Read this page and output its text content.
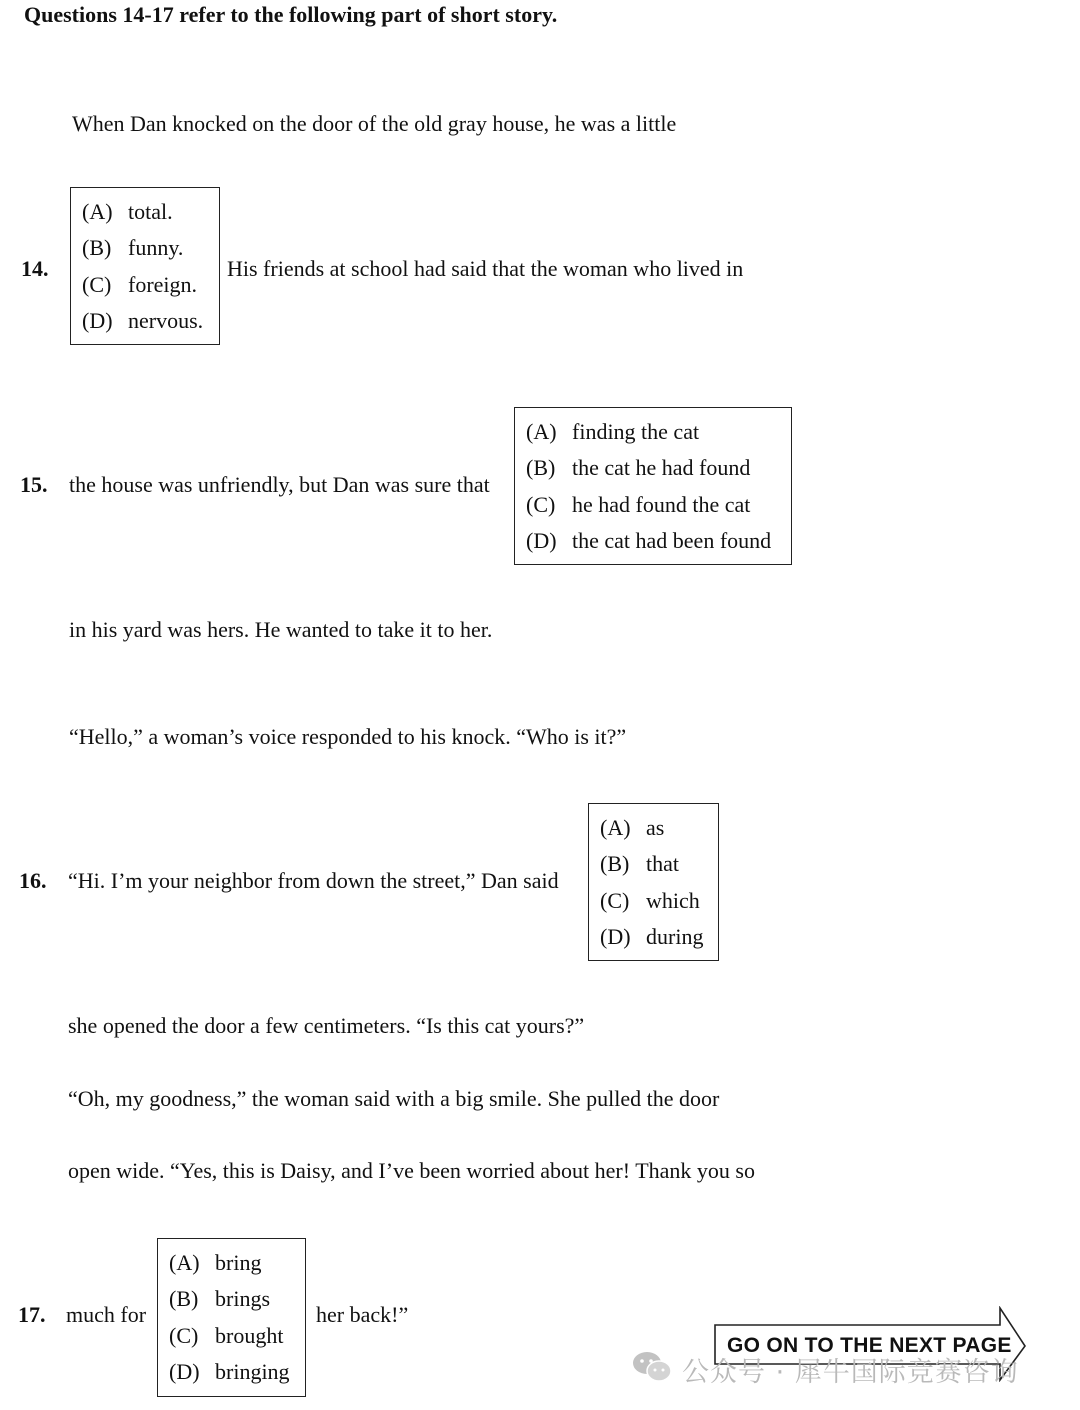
Questions 14-17 refer to the following part of short story.
When Dan knocked on the door of the old gray house, he was a little
14.
(A) total.
(B) funny.
(C) foreign.
(D) nervous.
His friends at school had said that the woman who lived in
15. the house was unfriendly, but Dan was sure that
(A) finding the cat
(B) the cat he had found
(C) he had found the cat
(D) the cat had been found
in his yard was hers. He wanted to take it to her.
“Hello,” a woman’s voice responded to his knock. “Who is it?”
16. “Hi. I’m your neighbor from down the street,” Dan said
(A) as
(B) that
(C) which
(D) during
she opened the door a few centimeters. “Is this cat yours?”
“Oh, my goodness,” the woman said with a big smile. She pulled the door
open wide. “Yes, this is Daisy, and I’ve been worried about her! Thank you so
17. much for
(A) bring
(B) brings
(C) brought
(D) bringing
her back!”
GO ON TO THE NEXT PAGE
公众号 · 犀牛国际竞赛咨询
